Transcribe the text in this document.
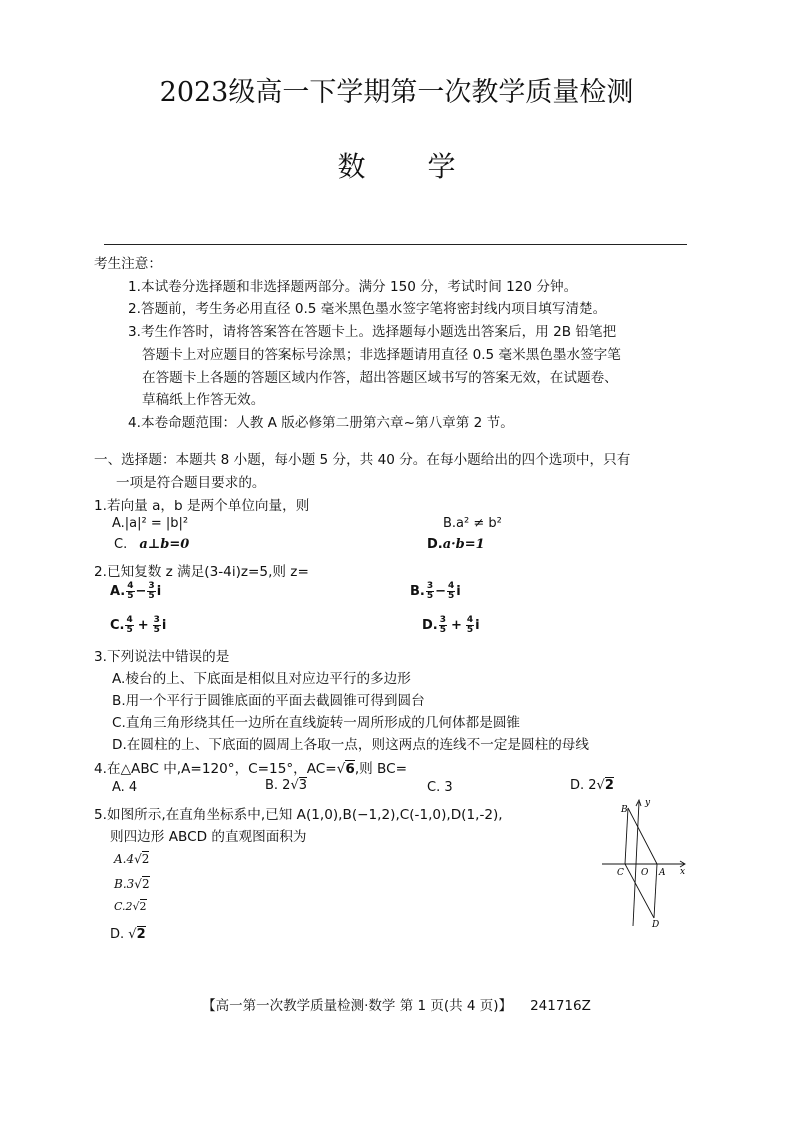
2023级高一下学期第一次教学质量检测
数 学
考生注意：
1.本试卷分选择题和非选择题两部分。满分 150 分，考试时间 120 分钟。
2.答题前，考生务必用直径 0.5 毫米黑色墨水签字笔将密封线内项目填写清楚。
3.考生作答时，请将答案答在答题卡上。选择题每小题选出答案后，用 2B 铅笔把
答题卡上对应题目的答案标号涂黑；非选择题请用直径 0.5 毫米黑色墨水签字笔
在答题卡上各题的答题区域内作答，超出答题区域书写的答案无效，在试题卷、
草稿纸上作答无效。
4.本卷命题范围：人教 A 版必修第二册第六章~第八章第 2 节。
一、选择题：本题共 8 小题，每小题 5 分，共 40 分。在每小题给出的四个选项中，只有
一项是符合题目要求的。
1.若向量 a，b 是两个单位向量，则
A.|a|² = |b|²	B.a² ≠ b²
C. a⊥b=0	D.a·b=1
2.已知复数 z 满足(3-4i)z=5,则 z=
A. $\frac{4}{5} - \frac{3}{5}$ i	B. $\frac{3}{5} - \frac{4}{5}$ i
C. $\frac{4}{5} + \frac{3}{5}$ i	D. $\frac{3}{5} + \frac{4}{5}$ i
3.下列说法中错误的是
A.棱台的上、下底面是相似且对应边平行的多边形
B.用一个平行于圆锥底面的平面去截圆锥可得到圆台
C.直角三角形绕其任一边所在直线旋转一周所形成的几何体都是圆锥
D.在圆柱的上、下底面的圆周上各取一点，则这两点的连线不一定是圆柱的母线
4.在△ABC 中,A=120°，C=15°，AC=√6,则 BC=
A. 4	B. 2√3	C. 3	D. 2√2
5.如图所示,在直角坐标系中,已知 A(1,0),B(−1,2),C(-1,0),D(1,-2),
则四边形 ABCD 的直观图面积为
A.4√2
B.3√2
C.2√2
D. √2
B
y
C O A x
D
【高一第一次教学质量检测·数学 第 1 页(共 4 页)】 241716Z
